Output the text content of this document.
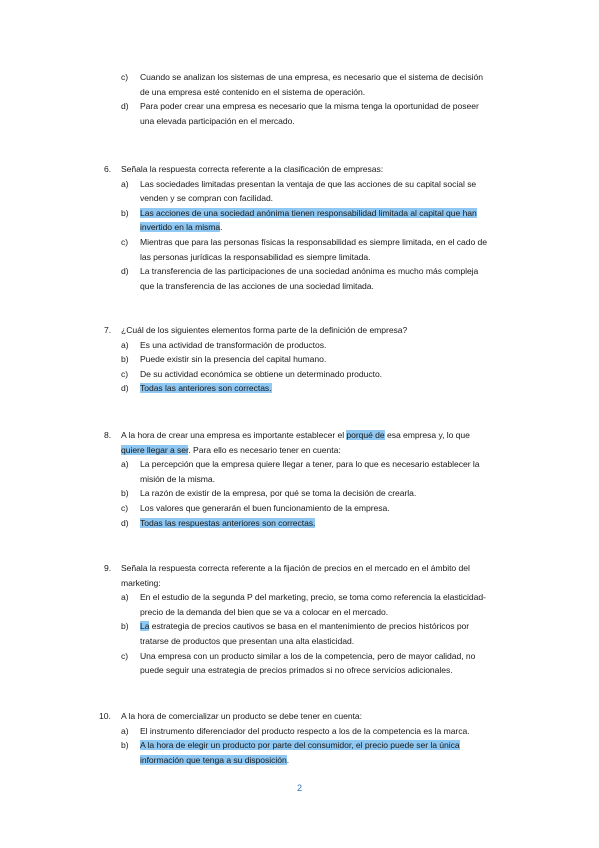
c) Cuando se analizan los sistemas de una empresa, es necesario que el sistema de decisión
de una empresa esté contenido en el sistema de operación.
d) Para poder crear una empresa es necesario que la misma tenga la oportunidad de poseer
una elevada participación en el mercado.
6. Señala la respuesta correcta referente a la clasificación de empresas:
a) Las sociedades limitadas presentan la ventaja de que las acciones de su capital social se
venden y se compran con facilidad.
b) Las acciones de una sociedad anónima tienen responsabilidad limitada al capital que han
invertido en la misma.
c) Mientras que para las personas físicas la responsabilidad es siempre limitada, en el cado de
las personas jurídicas la responsabilidad es siempre limitada.
d) La transferencia de las participaciones de una sociedad anónima es mucho más compleja
que la transferencia de las acciones de una sociedad limitada.
7. ¿Cuál de los siguientes elementos forma parte de la definición de empresa?
a) Es una actividad de transformación de productos.
b) Puede existir sin la presencia del capital humano.
c) De su actividad económica se obtiene un determinado producto.
d) Todas las anteriores son correctas.
8. A la hora de crear una empresa es importante establecer el porqué de esa empresa y, lo que
quiere llegar a ser. Para ello es necesario tener en cuenta:
a) La percepción que la empresa quiere llegar a tener, para lo que es necesario establecer la
misión de la misma.
b) La razón de existir de la empresa, por qué se toma la decisión de crearla.
c) Los valores que generarán el buen funcionamiento de la empresa.
d) Todas las respuestas anteriores son correctas.
9. Señala la respuesta correcta referente a la fijación de precios en el mercado en el ámbito del
marketing:
a) En el estudio de la segunda P del marketing, precio, se toma como referencia la elasticidad-
precio de la demanda del bien que se va a colocar en el mercado.
b) La estrategia de precios cautivos se basa en el mantenimiento de precios históricos por
tratarse de productos que presentan una alta elasticidad.
c) Una empresa con un producto similar a los de la competencia, pero de mayor calidad, no
puede seguir una estrategia de precios primados si no ofrece servicios adicionales.
10. A la hora de comercializar un producto se debe tener en cuenta:
a) El instrumento diferenciador del producto respecto a los de la competencia es la marca.
b) A la hora de elegir un producto por parte del consumidor, el precio puede ser la única
información que tenga a su disposición.
2
